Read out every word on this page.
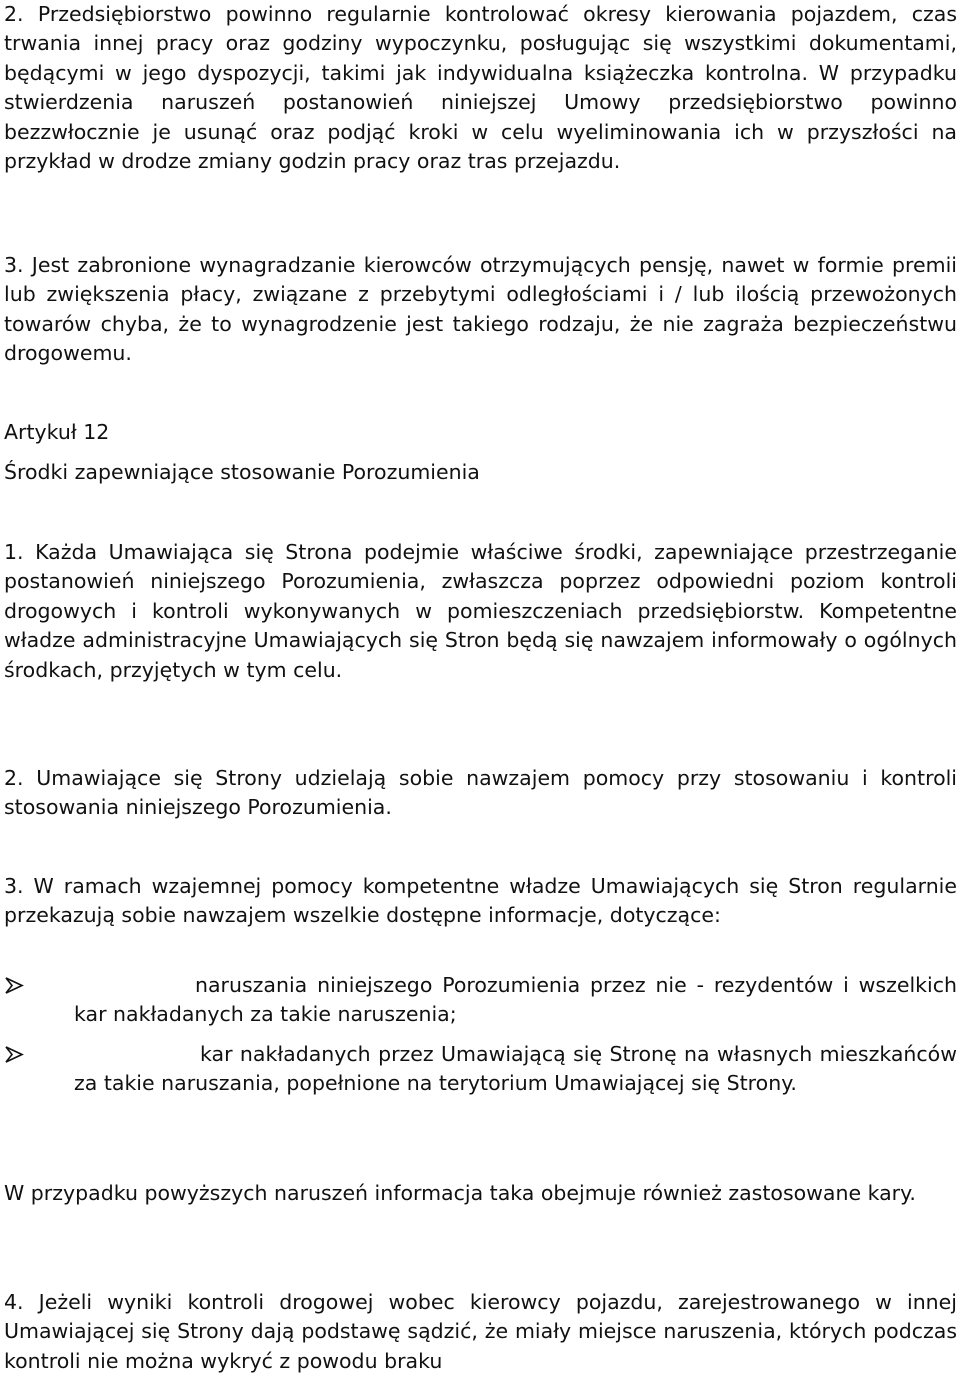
2. Przedsiębiorstwo powinno regularnie kontrolować okresy kierowania pojazdem, czas trwania innej pracy oraz godziny wypoczynku, posługując się wszystkimi dokumentami, będącymi w jego dyspozycji, takimi jak indywidualna książeczka kontrolna. W przypadku stwierdzenia naruszeń postanowień niniejszej Umowy przedsiębiorstwo powinno bezzwłocznie je usunąć oraz podjąć kroki w celu wyeliminowania ich w przyszłości na przykład w drodze zmiany godzin pracy oraz tras przejazdu.

3. Jest zabronione wynagradzanie kierowców otrzymujących pensję, nawet w formie premii lub zwiększenia płacy, związane z przebytymi odległościami i / lub ilością przewożonych towarów chyba, że to wynagrodzenie jest takiego rodzaju, że nie zagraża bezpieczeństwu drogowemu.

Artykuł 12

Środki zapewniające stosowanie Porozumienia

1. Każda Umawiająca się Strona podejmie właściwe środki, zapewniające przestrzeganie postanowień niniejszego Porozumienia, zwłaszcza poprzez odpowiedni poziom kontroli drogowych i kontroli wykonywanych w pomieszczeniach przedsiębiorstw. Kompetentne władze administracyjne Umawiających się Stron będą się nawzajem informowały o ogólnych środkach, przyjętych w tym celu.

2. Umawiające się Strony udzielają sobie nawzajem pomocy przy stosowaniu i kontroli stosowania niniejszego Porozumienia.

3. W ramach wzajemnej pomocy kompetentne władze Umawiających się Stron regularnie przekazują sobie nawzajem wszelkie dostępne informacje, dotyczące:

naruszania niniejszego Porozumienia przez nie - rezydentów i wszelkich kar nakładanych za takie naruszenia;
kar nakładanych przez Umawiającą się Stronę na własnych mieszkańców za takie naruszania, popełnione na terytorium Umawiającej się Strony.

W przypadku powyższych naruszeń informacja taka obejmuje również zastosowane kary.

4. Jeżeli wyniki kontroli drogowej wobec kierowcy pojazdu, zarejestrowanego w innej Umawiającej się Strony dają podstawę sądzić, że miały miejsce naruszenia, których podczas kontroli nie można wykryć z powodu braku
